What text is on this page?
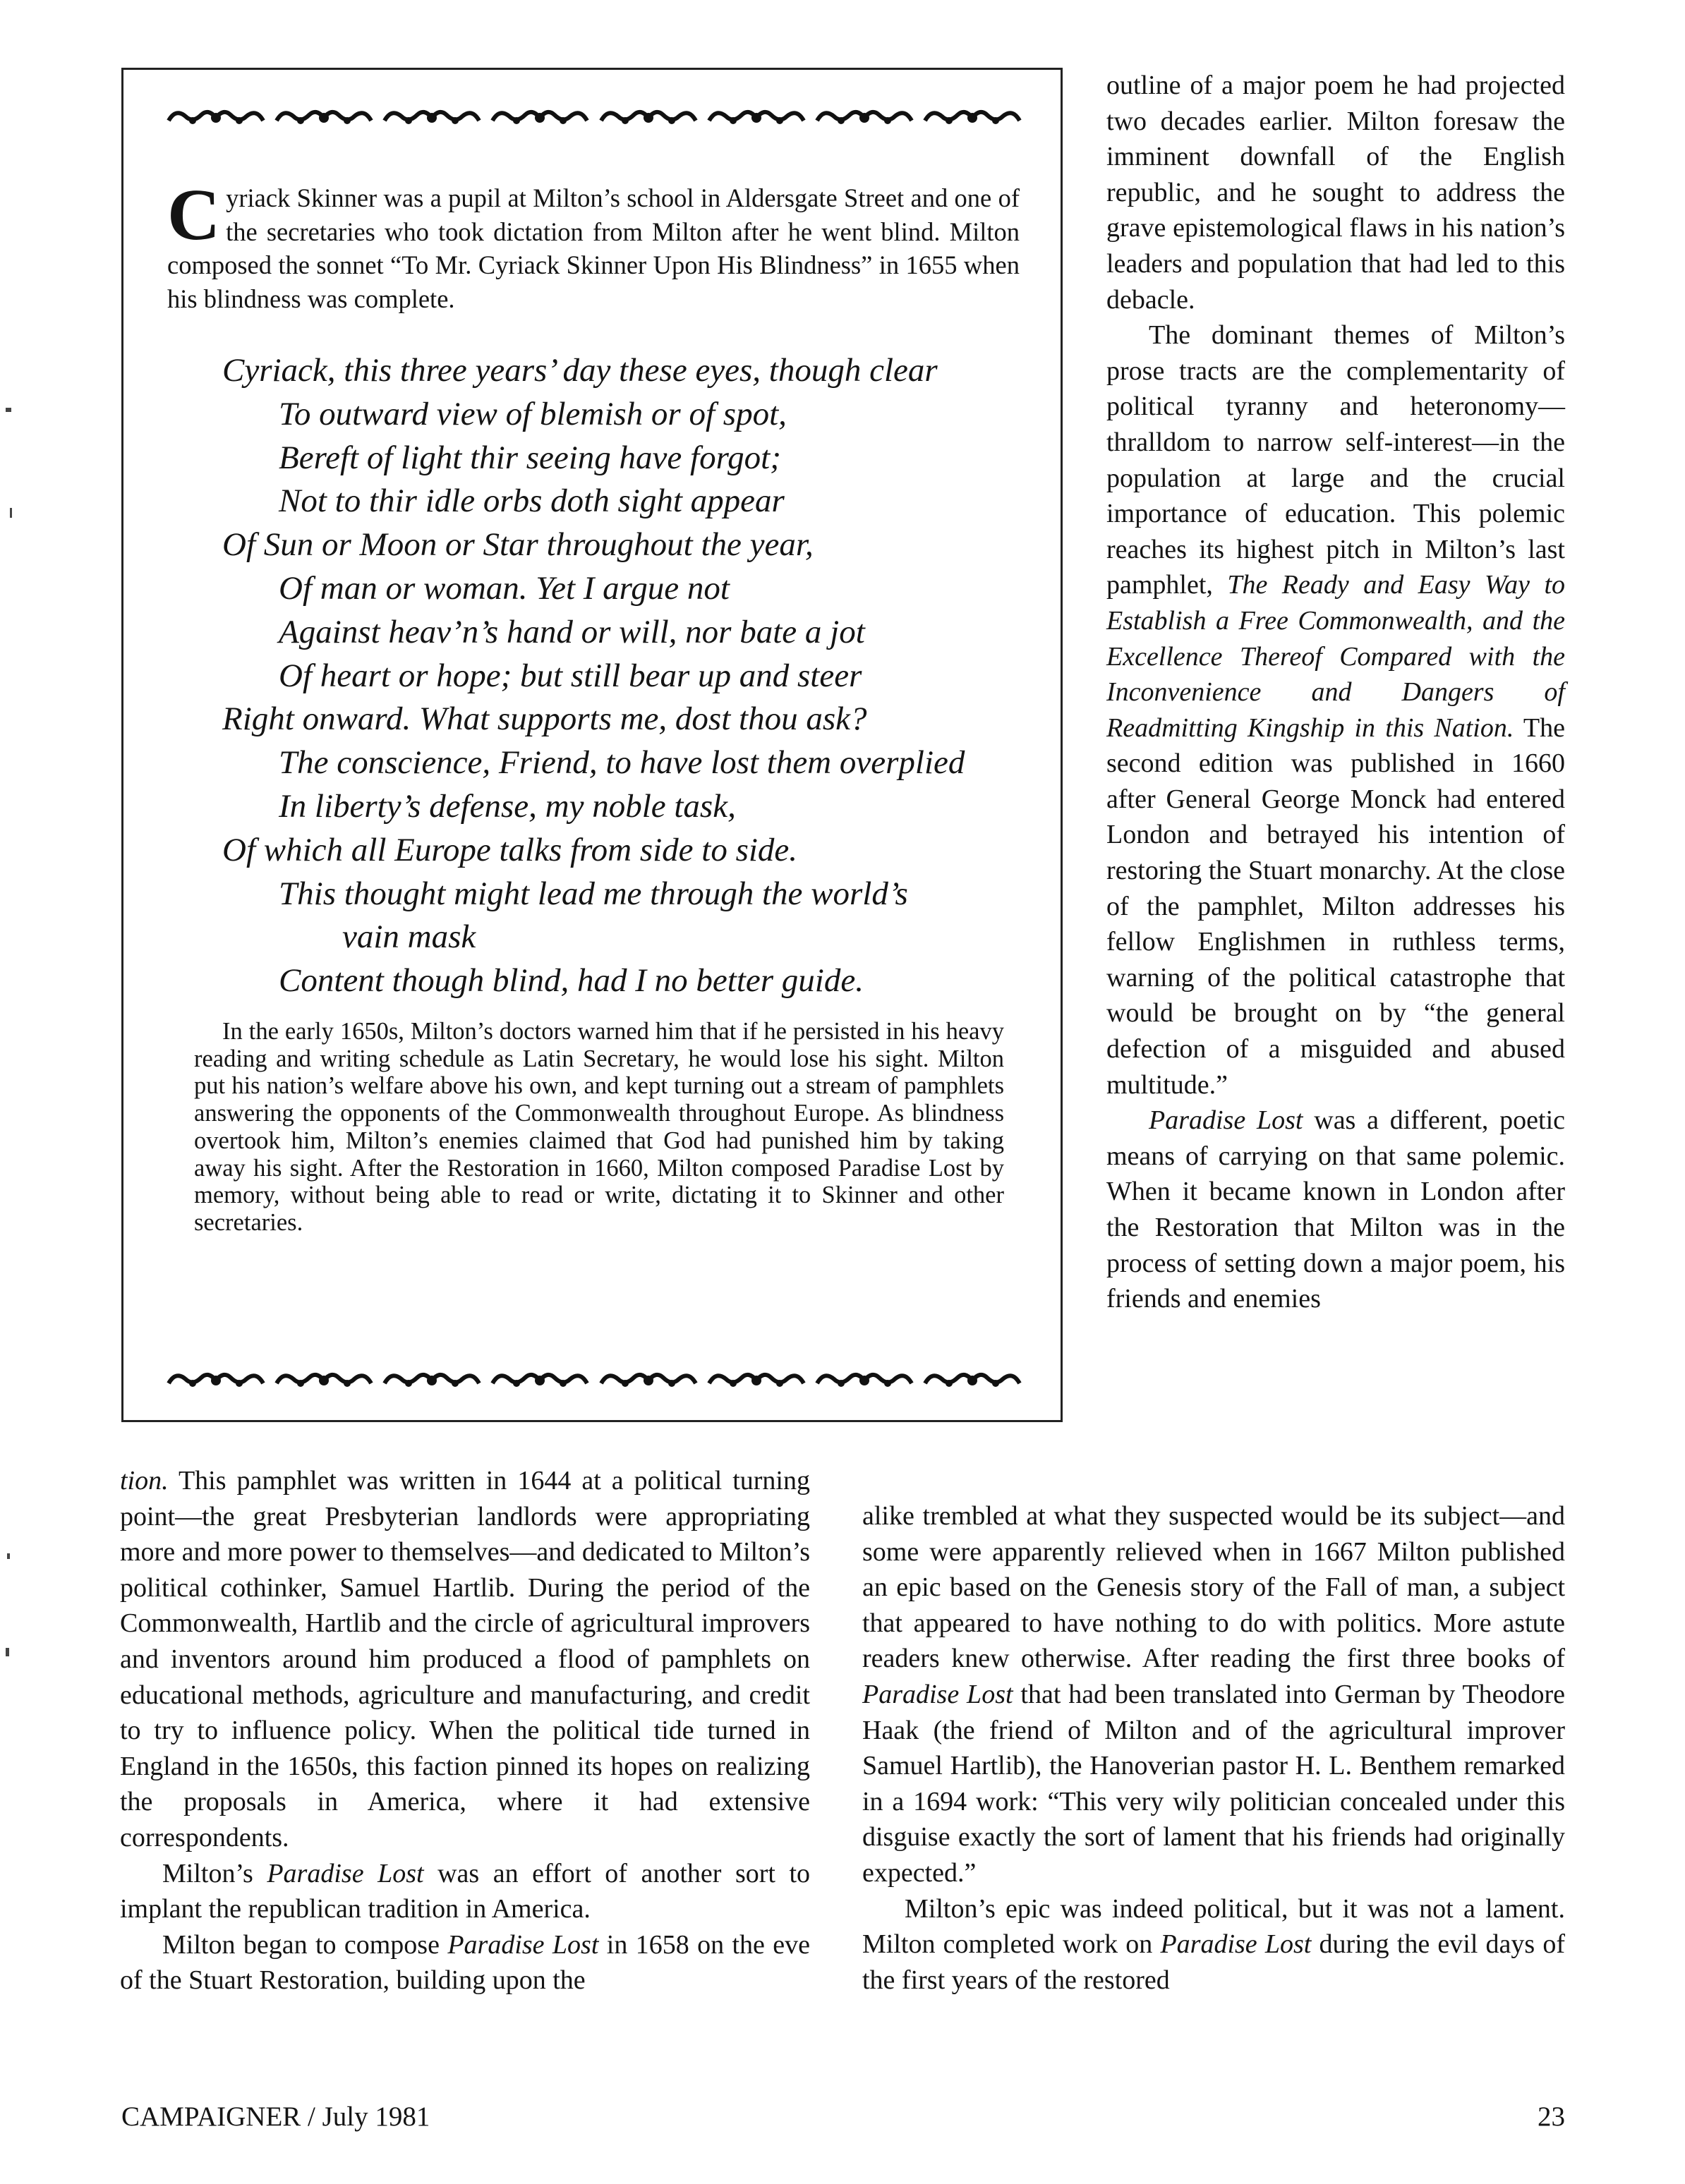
Cyriack Skinner was a pupil at Milton’s school in Aldersgate Street and one of the secretaries who took dictation from Milton after he went blind. Milton composed the sonnet “To Mr. Cyriack Skinner Upon His Blindness” in 1655 when his blindness was complete.
Cyriack, this three years’ day these eyes, though clear
To outward view of blemish or of spot,
Bereft of light thir seeing have forgot;
Not to thir idle orbs doth sight appear
Of Sun or Moon or Star throughout the year,
Of man or woman. Yet I argue not
Against heav’n’s hand or will, nor bate a jot
Of heart or hope; but still bear up and steer
Right onward. What supports me, dost thou ask?
The conscience, Friend, to have lost them overplied
In liberty’s defense, my noble task,
Of which all Europe talks from side to side.
This thought might lead me through the world’s
vain mask
Content though blind, had I no better guide.

In the early 1650s, Milton’s doctors warned him that if he persisted in his heavy reading and writing schedule as Latin Secretary, he would lose his sight. Milton put his nation’s welfare above his own, and kept turning out a stream of pamphlets answering the opponents of the Commonwealth throughout Europe. As blindness overtook him, Milton’s enemies claimed that God had punished him by taking away his sight. After the Restoration in 1660, Milton composed Paradise Lost by memory, without being able to read or write, dictating it to Skinner and other secretaries.

outline of a major poem he had projected two decades earlier. Milton foresaw the imminent downfall of the English republic, and he sought to address the grave epistemological flaws in his nation’s leaders and population that had led to this debacle.

The dominant themes of Milton’s prose tracts are the complementarity of political tyranny and heteronomy—thralldom to narrow self-interest—in the population at large and the crucial importance of education. This polemic reaches its highest pitch in Milton’s last pamphlet, The Ready and Easy Way to Establish a Free Commonwealth, and the Excellence Thereof Compared with the Inconvenience and Dangers of Readmitting Kingship in this Nation. The second edition was published in 1660 after General George Monck had entered London and betrayed his intention of restoring the Stuart monarchy. At the close of the pamphlet, Milton addresses his fellow Englishmen in ruthless terms, warning of the political catastrophe that would be brought on by “the general defection of a misguided and abused multitude.”

Paradise Lost was a different, poetic means of carrying on that same polemic. When it became known in London after the Restoration that Milton was in the process of setting down a major poem, his friends and enemies

tion. This pamphlet was written in 1644 at a political turning point—the great Presbyterian landlords were appropriating more and more power to themselves—and dedicated to Milton’s political cothinker, Samuel Hartlib. During the period of the Commonwealth, Hartlib and the circle of agricultural improvers and inventors around him produced a flood of pamphlets on educational methods, agriculture and manufacturing, and credit to try to influence policy. When the political tide turned in England in the 1650s, this faction pinned its hopes on realizing the proposals in America, where it had extensive correspondents.

Milton’s Paradise Lost was an effort of another sort to implant the republican tradition in America.

Milton began to compose Paradise Lost in 1658 on the eve of the Stuart Restoration, building upon the

alike trembled at what they suspected would be its subject—and some were apparently relieved when in 1667 Milton published an epic based on the Genesis story of the Fall of man, a subject that appeared to have nothing to do with politics. More astute readers knew otherwise. After reading the first three books of Paradise Lost that had been translated into German by Theodore Haak (the friend of Milton and of the agricultural improver Samuel Hartlib), the Hanoverian pastor H. L. Benthem remarked in a 1694 work: “This very wily politician concealed under this disguise exactly the sort of lament that his friends had originally expected.”

Milton’s epic was indeed political, but it was not a lament. Milton completed work on Paradise Lost during the evil days of the first years of the restored

CAMPAIGNER / July 1981	23
